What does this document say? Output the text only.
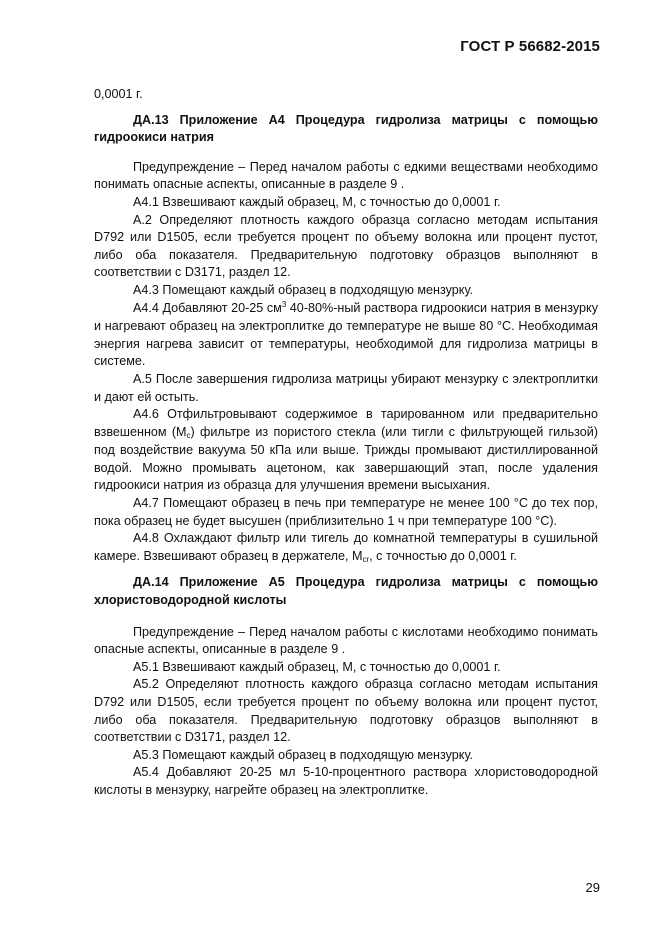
ГОСТ Р 56682-2015

0,0001 г.

ДА.13 Приложение А4 Процедура гидролиза матрицы с помощью гидроокиси натрия

Предупреждение – Перед началом работы с едкими веществами необходимо понимать опасные аспекты, описанные в разделе 9 .

А4.1 Взвешивают каждый образец, M, с точностью до 0,0001 г.

А.2 Определяют плотность каждого образца согласно методам испытания D792 или D1505, если требуется процент по объему волокна или процент пустот, либо оба показателя. Предварительную подготовку образцов выполняют в соответствии с D3171, раздел 12.

А4.3 Помещают каждый образец в подходящую мензурку.

А4.4 Добавляют 20-25 $см^3$ 40-80%-ный раствора гидроокиси натрия в мензурку и нагревают образец на электроплитке до температуре не выше 80 °С. Необходимая энергия нагрева зависит от температуры, необходимой для гидролиза матрицы в системе.

А.5 После завершения гидролиза матрицы убирают мензурку с электроплитки и дают ей остыть.

А4.6 Отфильтровывают содержимое в тарированном или предварительно взвешенном $(M_c)$ фильтре из пористого стекла (или тигли с фильтрующей гильзой) под воздействие вакуума 50 кПа или выше. Трижды промывают дистиллированной водой. Можно промывать ацетоном, как завершающий этап, после удаления гидроокиси натрия из образца для улучшения времени высыхания.

А4.7 Помещают образец в печь при температуре не менее 100 °С до тех пор, пока образец не будет высушен (приблизительно 1 ч при температуре 100 °С).

А4.8 Охлаждают фильтр или тигель до комнатной температуры в сушильной камере. Взвешивают образец в держателе, $M_{cr}$, с точностью до 0,0001 г.

ДА.14 Приложение А5 Процедура гидролиза матрицы с помощью хлористоводородной кислоты

Предупреждение – Перед началом работы с кислотами необходимо понимать опасные аспекты, описанные в разделе 9 .

А5.1 Взвешивают каждый образец, M, с точностью до 0,0001 г.

А5.2 Определяют плотность каждого образца согласно методам испытания D792 или D1505, если требуется процент по объему волокна или процент пустот, либо оба показателя. Предварительную подготовку образцов выполняют в соответствии с D3171, раздел 12.

А5.3 Помещают каждый образец в подходящую мензурку.

А5.4 Добавляют 20-25 мл 5-10-процентного раствора хлористоводородной кислоты в мензурку, нагрейте образец на электроплитке.

29
